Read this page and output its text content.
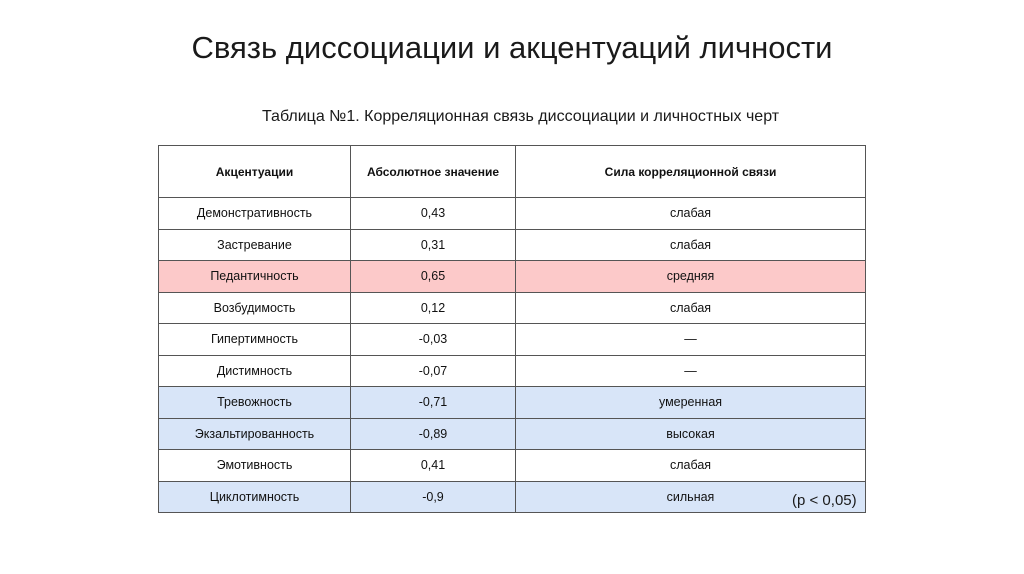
Связь диссоциации и акцентуаций личности
Таблица №1. Корреляционная связь диссоциации и личностных черт
Акцентуации	Абсолютное значение	Сила корреляционной связи
Демонстративность	0,43	слабая
Застревание	0,31	слабая
Педантичность	0,65	средняя
Возбудимость	0,12	слабая
Гипертимность	-0,03	—
Дистимность	-0,07	—
Тревожность	-0,71	умеренная
Экзальтированность	-0,89	высокая
Эмотивность	0,41	слабая
Циклотимность	-0,9	сильная	(p < 0,05)
